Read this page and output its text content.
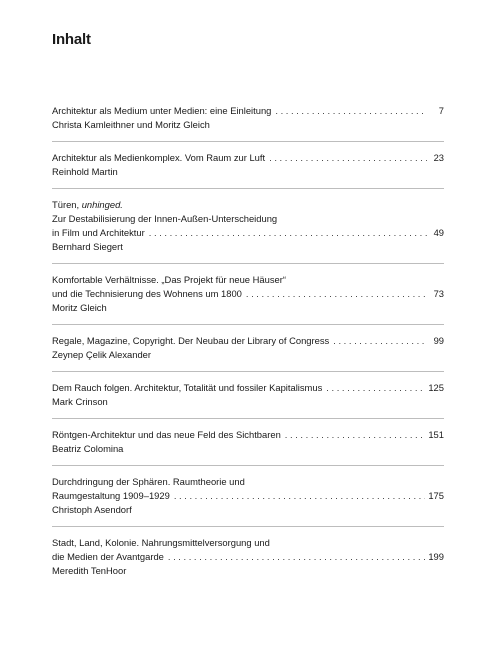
Inhalt
Architektur als Medium unter Medien: eine Einleitung . . .	7
Christa Kamleithner und Moritz Gleich
Architektur als Medienkomplex. Vom Raum zur Luft . . .	23
Reinhold Martin
Türen, unhinged.
Zur Destabilisierung der Innen-Außen-Unterscheidung
in Film und Architektur . . .	49
Bernhard Siegert
Komfortable Verhältnisse. „Das Projekt für neue Häuser“
und die Technisierung des Wohnens um 1800 . . .	73
Moritz Gleich
Regale, Magazine, Copyright. Der Neubau der Library of Congress . . .	99
Zeynep Çelik Alexander
Dem Rauch folgen. Architektur, Totalität und fossiler Kapitalismus . . .	125
Mark Crinson
Röntgen-Architektur und das neue Feld des Sichtbaren . . .	151
Beatriz Colomina
Durchdringung der Sphären. Raumtheorie und
Raumgestaltung 1909–1929 . . .	175
Christoph Asendorf
Stadt, Land, Kolonie. Nahrungsmittelversorgung und
die Medien der Avantgarde . . .	199
Meredith TenHoor
